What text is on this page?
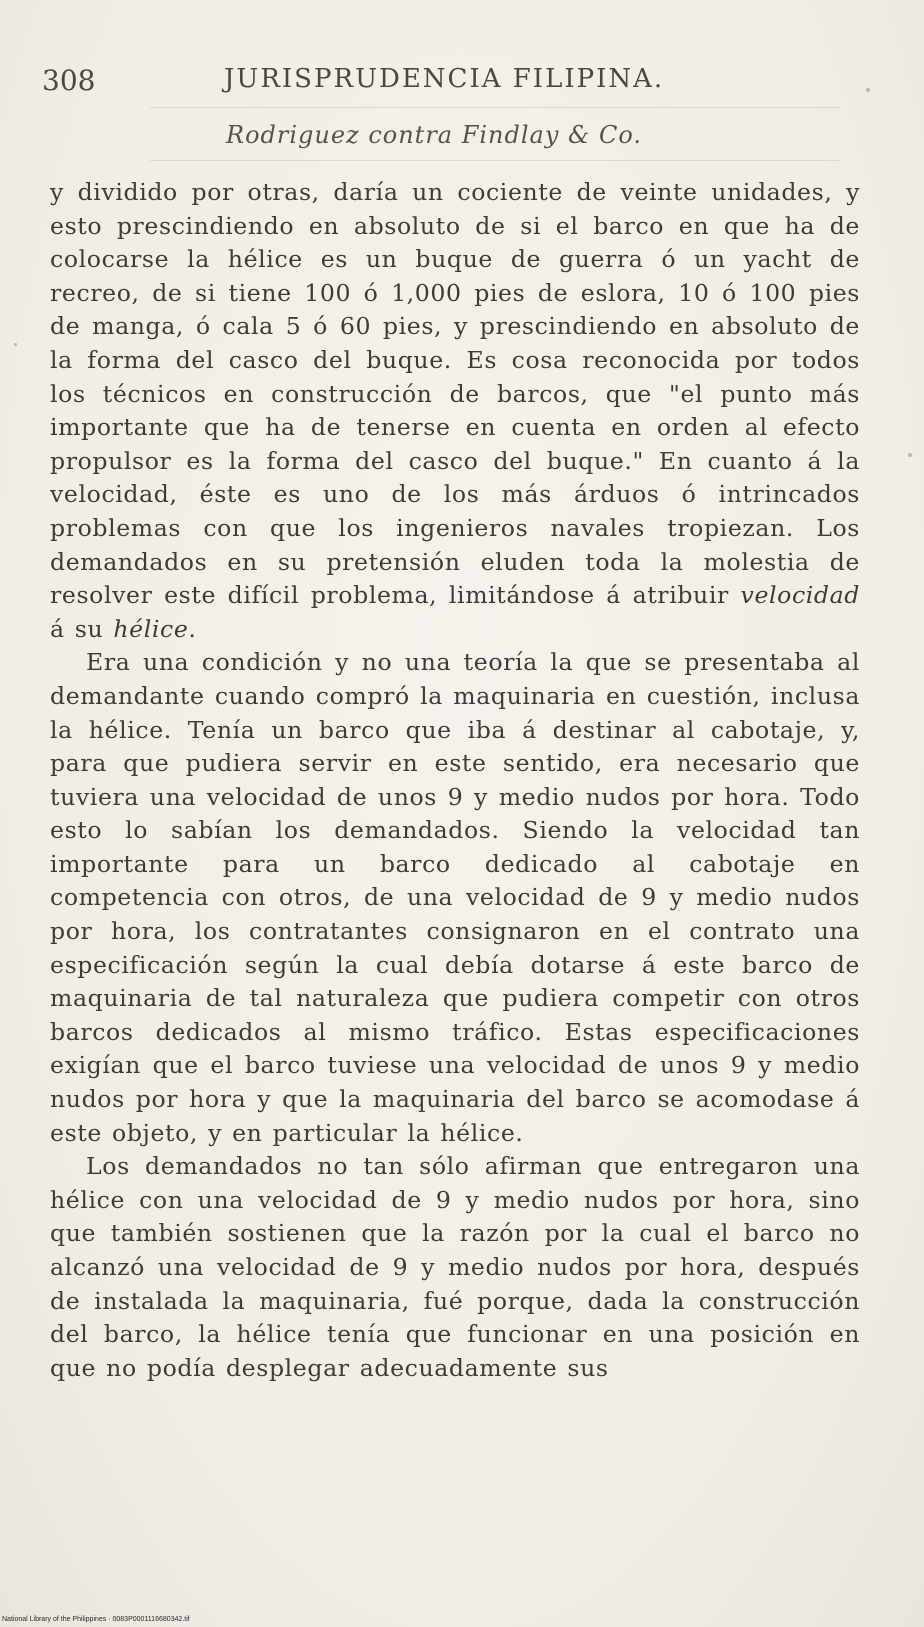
308	JURISPRUDENCIA FILIPINA.
Rodriguez contra Findlay & Co.

y dividido por otras, daría un cociente de veinte unidades, y esto prescindiendo en absoluto de si el barco en que ha de colocarse la hélice es un buque de guerra ó un yacht de recreo, de si tiene 100 ó 1,000 pies de eslora, 10 ó 100 pies de manga, ó cala 5 ó 60 pies, y prescindiendo en absoluto de la forma del casco del buque. Es cosa reconocida por todos los técnicos en construcción de barcos, que "el punto más importante que ha de tenerse en cuenta en orden al efecto propulsor es la forma del casco del buque." En cuanto á la velocidad, éste es uno de los más árduos ó intrincados problemas con que los ingenieros navales tropiezan. Los demandados en su pretensión eluden toda la molestia de resolver este difícil problema, limitándose á atribuir velocidad á su hélice.

Era una condición y no una teoría la que se presentaba al demandante cuando compró la maquinaria en cuestión, inclusa la hélice. Tenía un barco que iba á destinar al cabotaje, y, para que pudiera servir en este sentido, era necesario que tuviera una velocidad de unos 9 y medio nudos por hora. Todo esto lo sabían los demandados. Siendo la velocidad tan importante para un barco dedicado al cabotaje en competencia con otros, de una velocidad de 9 y medio nudos por hora, los contratantes consignaron en el contrato una especificación según la cual debía dotarse á este barco de maquinaria de tal naturaleza que pudiera competir con otros barcos dedicados al mismo tráfico. Estas especificaciones exigían que el barco tuviese una velocidad de unos 9 y medio nudos por hora y que la maquinaria del barco se acomodase á este objeto, y en particular la hélice.

Los demandados no tan sólo afirman que entregaron una hélice con una velocidad de 9 y medio nudos por hora, sino que también sostienen que la razón por la cual el barco no alcanzó una velocidad de 9 y medio nudos por hora, después de instalada la maquinaria, fué porque, dada la construcción del barco, la hélice tenía que funcionar en una posición en que no podía desplegar adecuadamente sus

National Library of the Philippines · 0083P0001116680342.tif
